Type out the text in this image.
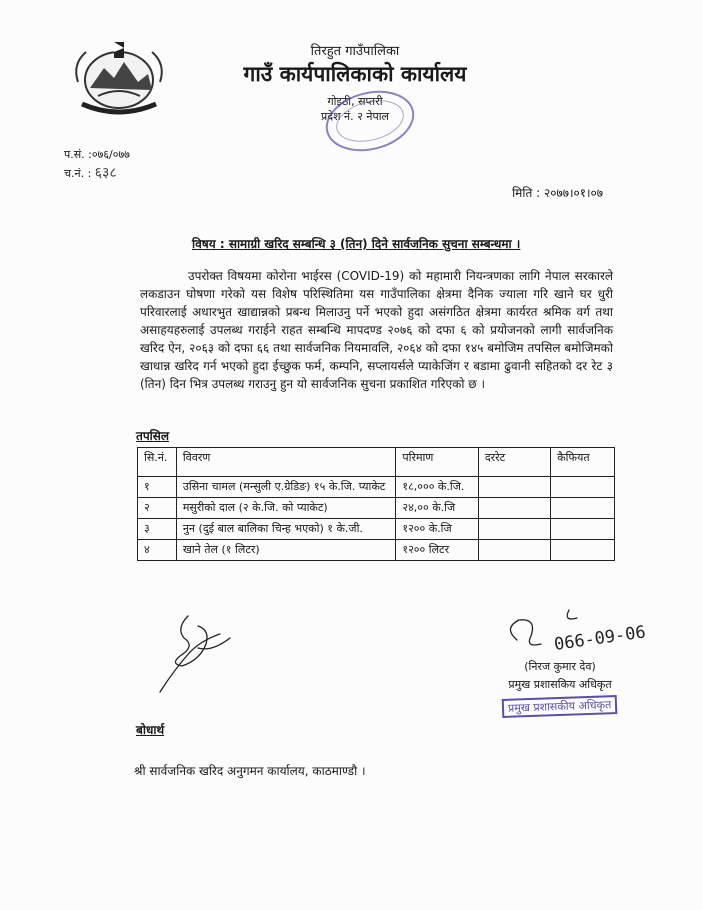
तिरहुत गाउँपालिका
गाउँ कार्यपालिकाको कार्यालय
गोइठी, सप्तरी
प्रदेश नं. २ नेपाल
प.सं. :०७६/०७७
च.नं. : ६३८
मिति : २०७७।०१।०७
विषय : सामाग्री खरिद सम्बन्धि ३ (तिन) दिने सार्वजनिक सुचना सम्बन्धमा ।
उपरोक्त विषयमा कोरोना भाईरस (COVID-19) को महामारी नियन्त्रणका लागि नेपाल सरकारले लकडाउन घोषणा गरेको यस विशेष परिस्थितिमा यस गाउँपालिका क्षेत्रमा दैनिक ज्याला गरि खाने घर धुरी परिवारलाई अधारभुत खाद्यान्नको प्रबन्ध मिलाउनु पर्ने भएको हुदा असंगठित क्षेत्रमा कार्यरत श्रमिक वर्ग तथा असाहयहरुलाई उपलब्ध गराईने राहत सम्बन्धि मापदण्ड २०७६ को दफा ६ को प्रयोजनको लागी सार्वजनिक खरिद ऐन, २०६३ को दफा ६६ तथा सार्वजनिक नियमावलि, २०६४ को दफा १४५ बमोजिम तपसिल बमोजिमको खाधान्न खरिद गर्न भएको हुदा ईच्छुक फर्म, कम्पनि, सप्लायर्सले प्याकेजिंग र बडामा ढुवानी सहितको दर रेट ३ (तिन) दिन भित्र उपलब्ध गराउनु हुन यो सार्वजनिक सुचना प्रकाशित गरिएको छ ।
तपसिल
सि.नं.	विवरण	परिमाण	दररेट	कैफियत
१	उसिना चामल (मन्सुली ए.ग्रेडिङ) १५ के.जि. प्याकेट	१८,००० के.जि.		
२	मसुरीको दाल (२ के.जि. को प्याकेट)	२४,०० के.जि		
३	नुन (दुई बाल बालिका चिन्ह भएको) १ के.जी.	१२०० के.जि		
४	खाने तेल (१ लिटर)	१२०० लिटर		
066-09-06
(निरज कुमार देव)
प्रमुख प्रशासकिय अधिकृत
प्रमुख प्रशासकीय अधिकृत
बोधार्थ
श्री सार्वजनिक खरिद अनुगमन कार्यालय, काठमाण्डौ ।
